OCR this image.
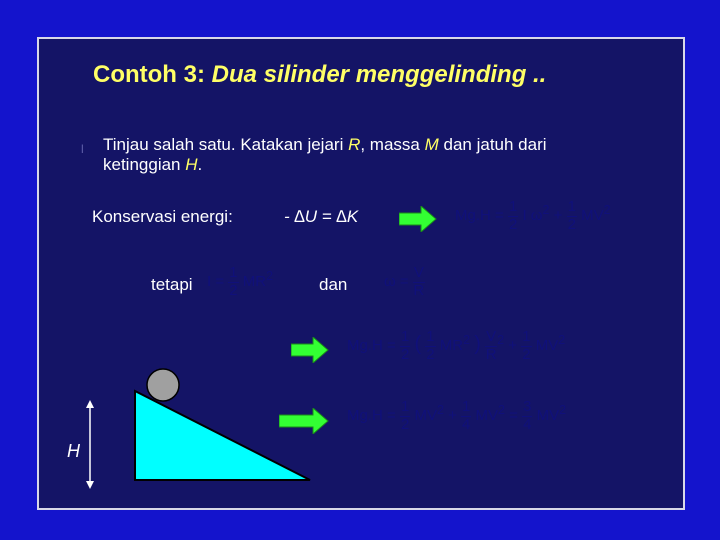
Contoh 3: Dua silinder menggelinding ..
l Tinjau salah satu. Katakan jejari R, massa M dan jatuh dari
ketinggian H.
Konservasi energi:	- ∆U = ∆K	$Mg.H = \frac{1}{2}$ I $\omega^2 + \frac{1}{2} MV^2$
tetapi $I = \frac{1}{2} MR^2$	dan $\omega = \frac{V}{R}$
$Mg.H = \frac{1}{2}$ ( $\frac{1}{2} MR^2$ ) $\frac{V}{R} ^2 + \frac{1}{2} MV^2$
$Mg.H = \frac{1}{2} MV^2 + \frac{1}{4} MV^2 = \frac{3}{4} MV^2$
H
